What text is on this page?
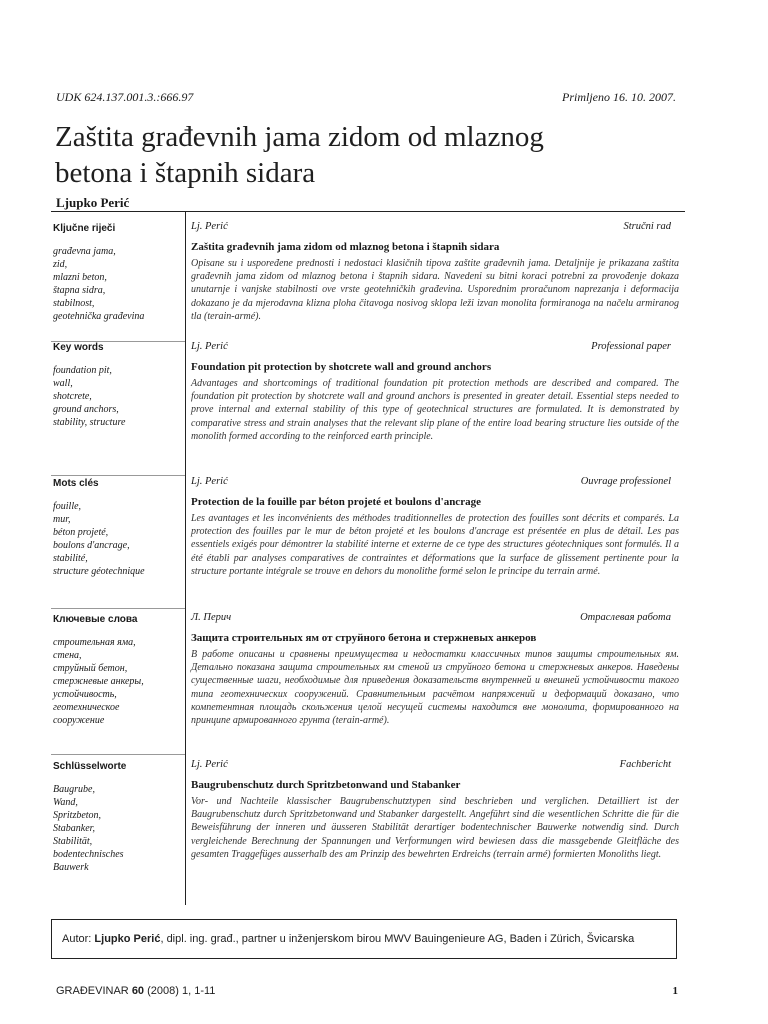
UDK 624.137.001.3.:666.97	Primljeno 16. 10. 2007.
Zaštita građevnih jama zidom od mlaznog betona i štapnih sidara
Ljupko Perić
Ključne riječi
građevna jama,
zid,
mlazni beton,
štapna sidra,
stabilnost,
geotehnička građevina
Lj. Perić	Stručni rad
Zaštita građevnih jama zidom od mlaznog betona i štapnih sidara
Opisane su i uspoređene prednosti i nedostaci klasičnih tipova zaštite građevnih jama. Detaljnije je prikazana zaštita građevnih jama zidom od mlaznog betona i štapnih sidara. Navedeni su bitni koraci potrebni za provođenje dokaza unutarnje i vanjske stabilnosti ove vrste geotehničkih građevina. Usporednim proračunom naprezanja i deformacija dokazano je da mjerodavna klizna ploha čitavoga nosivog sklopa leži izvan monolita formiranoga na načelu armiranog tla (terain-armé).
Key words
foundation pit,
wall,
shotcrete,
ground anchors,
stability, structure
Lj. Perić	Professional paper
Foundation pit protection by shotcrete wall and ground anchors
Advantages and shortcomings of traditional foundation pit protection methods are described and compared. The foundation pit protection by shotcrete wall and ground anchors is presented in greater detail. Essential steps needed to prove internal and external stability of this type of geotechnical structures are formulated. It is demonstrated by comparative stress and strain analyses that the relevant slip plane of the entire load bearing structure lies outside of the monolith formed according to the reinforced earth principle.
Mots clés
fouille,
mur,
béton projeté,
boulons d'ancrage,
stabilité,
structure géotechnique
Lj. Perić	Ouvrage professionel
Protection de la fouille par béton projeté et boulons d'ancrage
Les avantages et les inconvénients des méthodes traditionnelles de protection des fouilles sont décrits et comparés. La protection des fouilles par le mur de béton projeté et les boulons d'ancrage est présentée en plus de détail. Les pas essentiels exigés pour démontrer la stabilité interne et externe de ce type des structures géotechniques sont formulés. Il a été établi par analyses comparatives de contraintes et déformations que la surface de glissement pertinente pour la structure portante intégrale se trouve en dehors du monolithe formé selon le principe du terrain armé.
Ключевые слова
строительная яма,
стена,
струйный бетон,
стержневые анкеры,
устойчивость,
геотехническое
сооружение
Л. Перич	Отраслевая работа
Защита строительных ям от струйного бетона и стержневых анкеров
В работе описаны и сравнены преимущества и недостатки классичных типов защиты строительных ям. Детально показана защита строительных ям стеной из струйного бетона и стержневых анкеров. Наведены существенные шаги, необходимые для приведения доказательств внутренней и внешней устойчивости такого типа геотехнических сооружений. Сравнительным расчётом напряжений и деформаций доказано, что компетентная площадь скольжения целой несущей системы находится вне монолита, формированного на принципе армированного грунта (terain-armé).
Schlüsselworte
Baugrube,
Wand,
Spritzbeton,
Stabanker,
Stabilität,
bodentechnisches
Bauwerk
Lj. Perić	Fachbericht
Baugrubenschutz durch Spritzbetonwand und Stabanker
Vor- und Nachteile klassischer Baugrubenschutztypen sind beschrieben und verglichen. Detailliert ist der Baugrubenschutz durch Spritzbetonwand und Stabanker dargestellt. Angeführt sind die wesentlichen Schritte die für die Beweisführung der inneren und äusseren Stabilität derartiger bodentechnischer Bauwerke notwendig sind. Durch vergleichende Berechnung der Spannungen und Verformungen wird bewiesen dass die massgebende Gleitfläche des gesamten Traggefüges ausserhalb des am Prinzip des bewehrten Erdreichs (terrain armé) formierten Monoliths liegt.
Autor: Ljupko Perić, dipl. ing. građ., partner u inženjerskom birou MWV Bauingenieure AG, Baden i Zürich, Švicarska
GRAĐEVINAR 60 (2008) 1, 1-11	1
